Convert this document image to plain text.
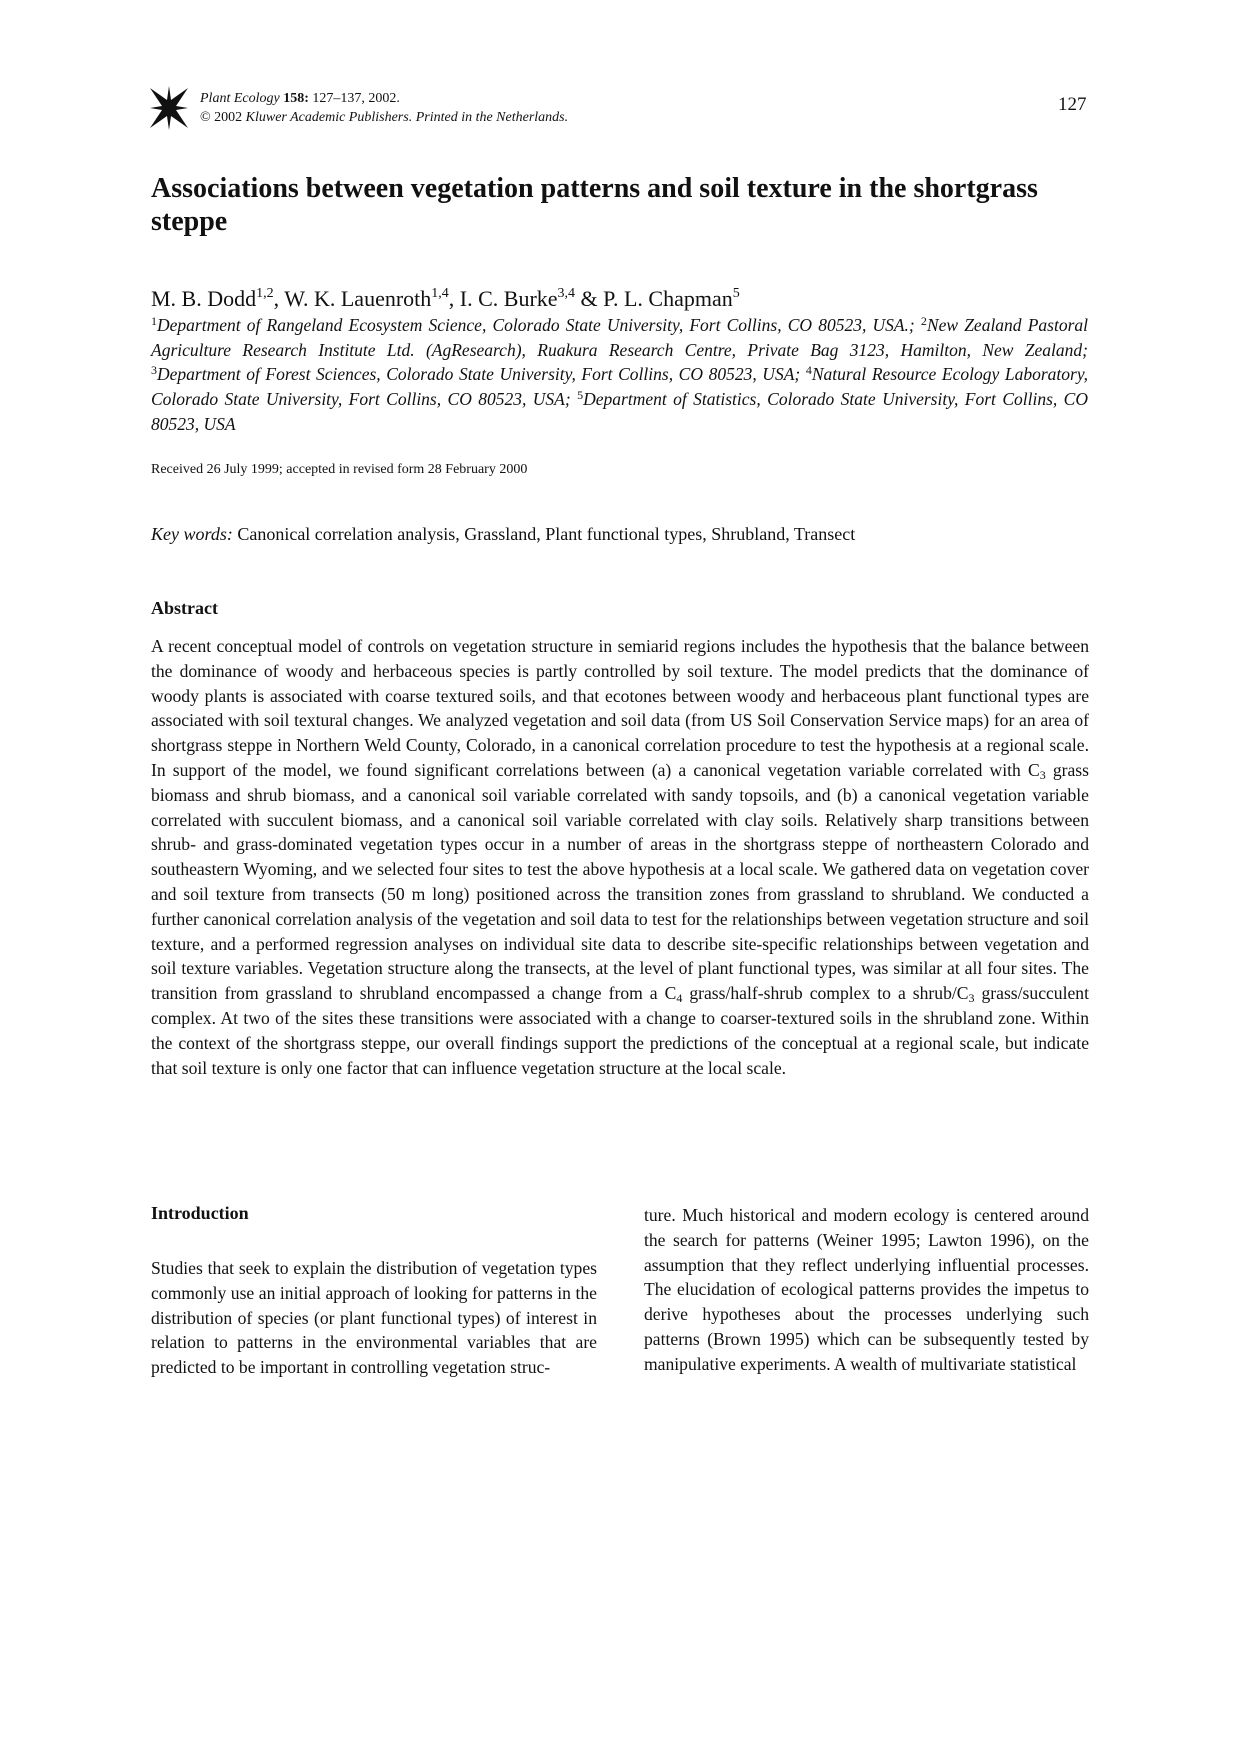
Plant Ecology 158: 127–137, 2002.
© 2002 Kluwer Academic Publishers. Printed in the Netherlands.
127
Associations between vegetation patterns and soil texture in the shortgrass steppe
M. B. Dodd$^{1,2}$, W. K. Lauenroth$^{1,4}$, I. C. Burke$^{3,4}$ & P. L. Chapman$^5$
$^1$Department of Rangeland Ecosystem Science, Colorado State University, Fort Collins, CO 80523, USA.; $^2$New Zealand Pastoral Agriculture Research Institute Ltd. (AgResearch), Ruakura Research Centre, Private Bag 3123, Hamilton, New Zealand; $^3$Department of Forest Sciences, Colorado State University, Fort Collins, CO 80523, USA; $^4$Natural Resource Ecology Laboratory, Colorado State University, Fort Collins, CO 80523, USA; $^5$Department of Statistics, Colorado State University, Fort Collins, CO 80523, USA
Received 26 July 1999; accepted in revised form 28 February 2000
Key words: Canonical correlation analysis, Grassland, Plant functional types, Shrubland, Transect
Abstract
A recent conceptual model of controls on vegetation structure in semiarid regions includes the hypothesis that the balance between the dominance of woody and herbaceous species is partly controlled by soil texture. The model predicts that the dominance of woody plants is associated with coarse textured soils, and that ecotones between woody and herbaceous plant functional types are associated with soil textural changes. We analyzed vegetation and soil data (from US Soil Conservation Service maps) for an area of shortgrass steppe in Northern Weld County, Colorado, in a canonical correlation procedure to test the hypothesis at a regional scale. In support of the model, we found significant correlations between (a) a canonical vegetation variable correlated with $C_3$ grass biomass and shrub biomass, and a canonical soil variable correlated with sandy topsoils, and (b) a canonical vegetation variable correlated with succulent biomass, and a canonical soil variable correlated with clay soils. Relatively sharp transitions between shrub- and grass-dominated vegetation types occur in a number of areas in the shortgrass steppe of northeastern Colorado and southeastern Wyoming, and we selected four sites to test the above hypothesis at a local scale. We gathered data on vegetation cover and soil texture from transects (50 m long) positioned across the transition zones from grassland to shrubland. We conducted a further canonical correlation analysis of the vegetation and soil data to test for the relationships between vegetation structure and soil texture, and a performed regression analyses on individual site data to describe site-specific relationships between vegetation and soil texture variables. Vegetation structure along the transects, at the level of plant functional types, was similar at all four sites. The transition from grassland to shrubland encompassed a change from a $C_4$ grass/half-shrub complex to a shrub/$C_3$ grass/succulent complex. At two of the sites these transitions were associated with a change to coarser-textured soils in the shrubland zone. Within the context of the shortgrass steppe, our overall findings support the predictions of the conceptual at a regional scale, but indicate that soil texture is only one factor that can influence vegetation structure at the local scale.
Introduction
Studies that seek to explain the distribution of vegetation types commonly use an initial approach of looking for patterns in the distribution of species (or plant functional types) of interest in relation to patterns in the environmental variables that are predicted to be important in controlling vegetation struc-
ture. Much historical and modern ecology is centered around the search for patterns (Weiner 1995; Lawton 1996), on the assumption that they reflect underlying influential processes. The elucidation of ecological patterns provides the impetus to derive hypotheses about the processes underlying such patterns (Brown 1995) which can be subsequently tested by manipulative experiments. A wealth of multivariate statistical
